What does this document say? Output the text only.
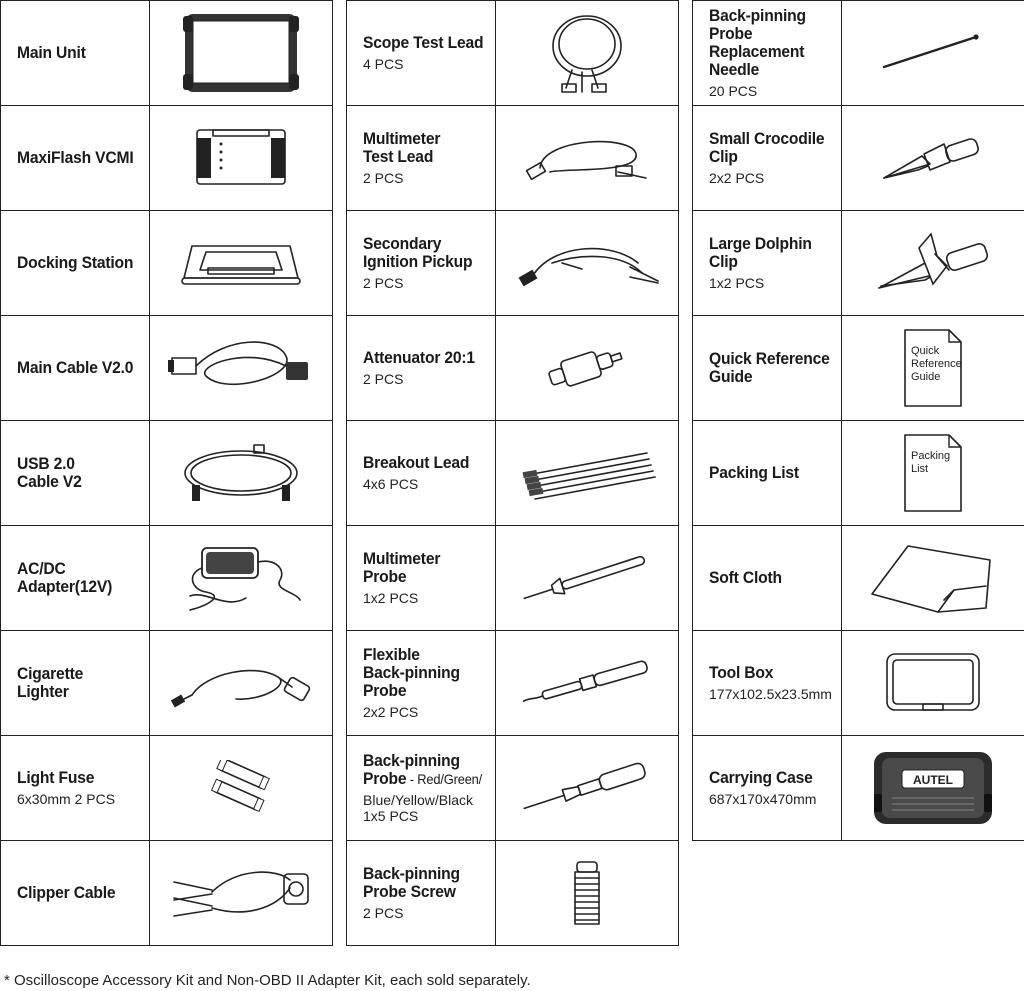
Main Unit

MaxiFlash VCMI

Docking Station

Main Cable V2.0

USB 2.0
Cable V2

AC/DC
Adapter(12V)

Cigarette Lighter

Light Fuse
6x30mm 2 PCS

Clipper Cable

Scope Test Lead
4 PCS

Multimeter
Test Lead
2 PCS

Secondary
Ignition Pickup
2 PCS

Attenuator 20:1
2 PCS

Breakout Lead
4x6 PCS

Multimeter
Probe
1x2 PCS

Flexible
Back-pinning
Probe
2x2 PCS

Back-pinning
Probe - Red/Green/
Blue/Yellow/Black
1x5 PCS

Back-pinning
Probe Screw
2 PCS

Back-pinning
Probe
Replacement
Needle
20 PCS

Small Crocodile
Clip
2x2 PCS

Large Dolphin
Clip
1x2 PCS

Quick Reference
Guide	Quick
Reference
Guide

Packing List	Packing
List

Soft Cloth

Tool Box
177x102.5x23.5mm

Carrying Case
687x170x470mm	AUTEL
* Oscilloscope Accessory Kit and Non-OBD II Adapter Kit, each sold separately.
